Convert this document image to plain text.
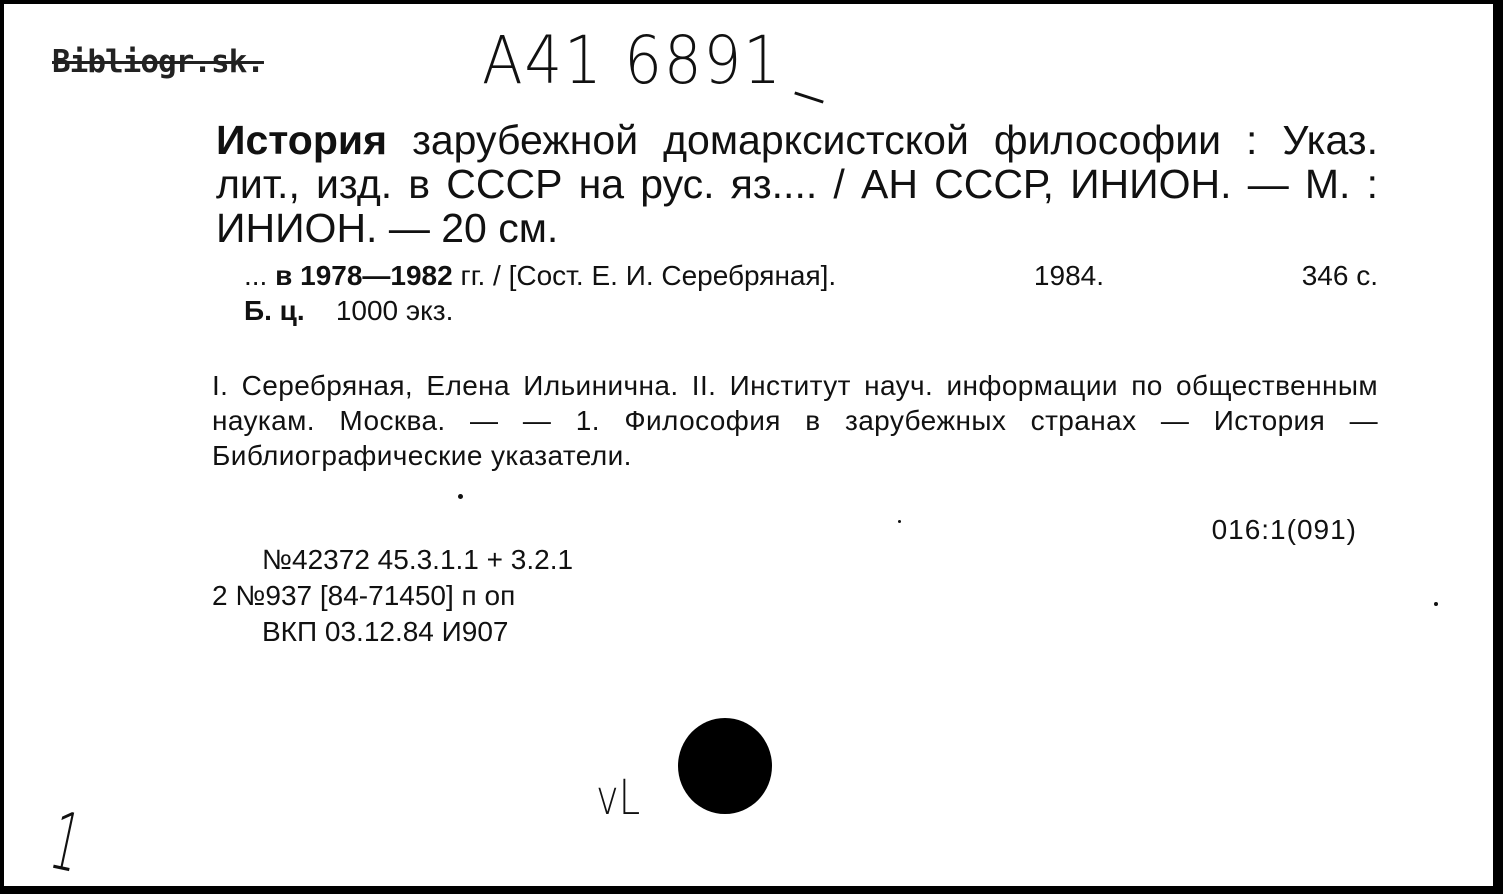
Bibliogr.sk.	А41 6891
История зарубежной домарксистской философии : Указ. лит., изд. в СССР на рус. яз.... / АН СССР, ИНИОН. — М. : ИНИОН. — 20 см.
... в 1978—1982 гг. / [Сост. Е. И. Серебряная].	1984.	346 с.
Б. ц. 1000 экз.
I. Серебряная, Елена Ильинична. II. Институт науч. информации по общественным наукам. Москва. — — 1. Философия в зарубежных странах — История — Библиографические указатели.
016:1(091)
№42372 45.3.1.1 + 3.2.1
2 №937 [84-71450] п оп
ВКП 03.12.84 И907
1	vL
